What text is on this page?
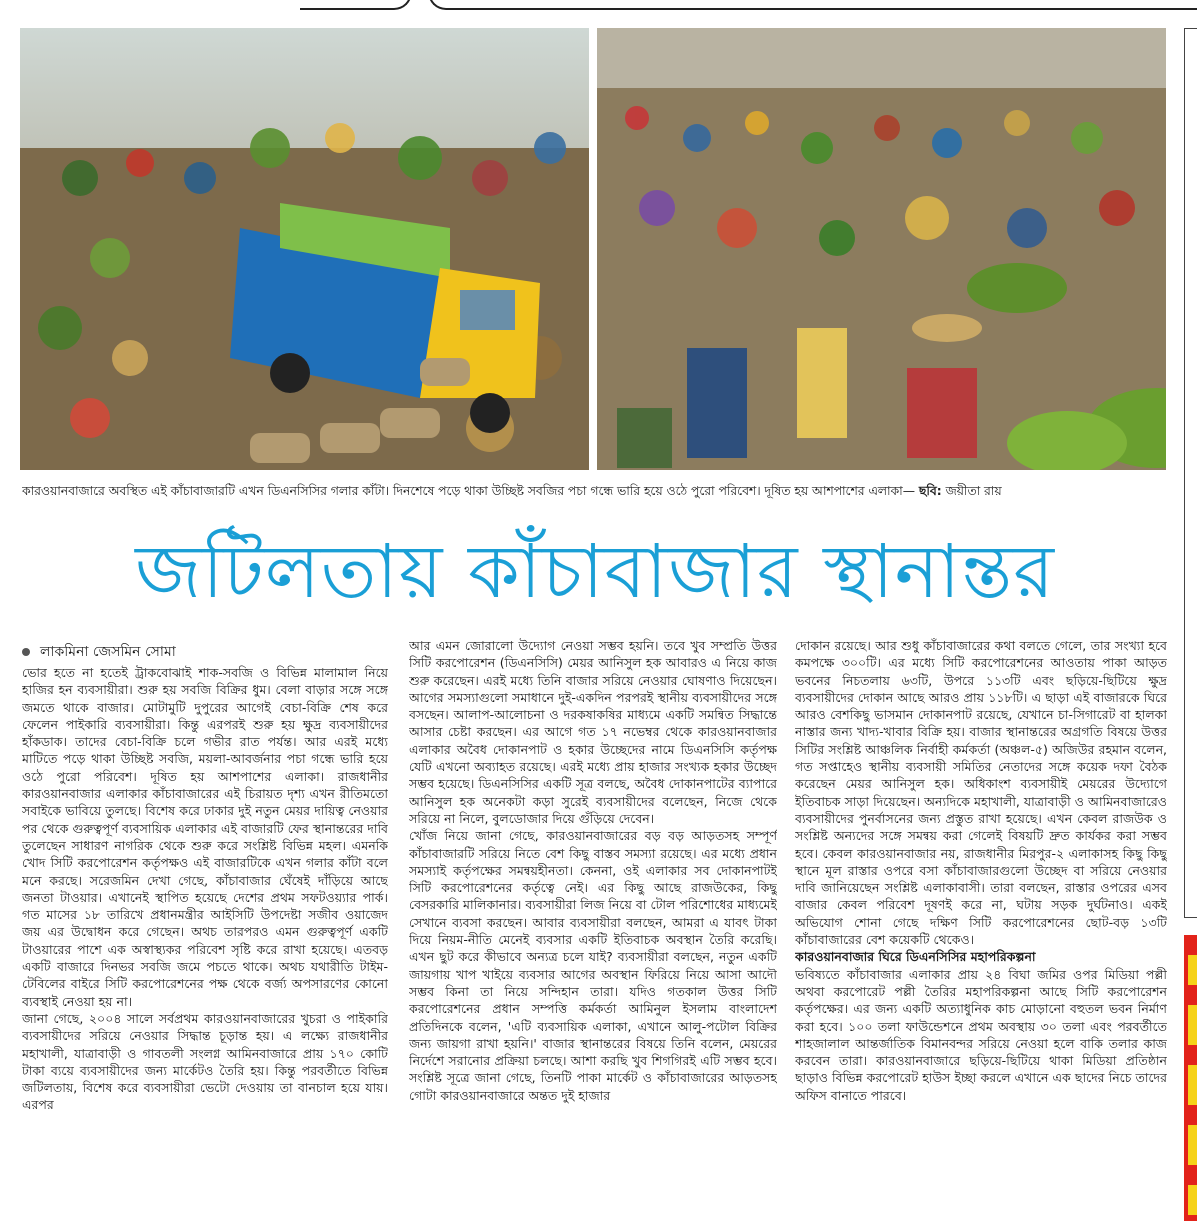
কারওয়ানবাজারে অবস্থিত এই কাঁচাবাজারটি এখন ডিএনসিসির গলার কাঁটা। দিনশেষে পড়ে থাকা উচ্ছিষ্ট সবজির পচা গন্ধে ভারি হয়ে ওঠে পুরো পরিবেশ। দূষিত হয় আশপাশের এলাকা— ছবি: জয়ীতা রায়
জটিলতায় কাঁচাবাজার স্থানান্তর
লাকমিনা জেসমিন সোমা

ভোর হতে না হতেই ট্রাকবোঝাই শাক-সবজি ও বিভিন্ন মালামাল নিয়ে হাজির হন ব্যবসায়ীরা। শুরু হয় সবজি বিক্রির ধুম। বেলা বাড়ার সঙ্গে সঙ্গে জমতে থাকে বাজার। মোটামুটি দুপুরের আগেই বেচা-বিক্রি শেষ করে ফেলেন পাইকারি ব্যবসায়ীরা। কিন্তু এরপরই শুরু হয় ক্ষুদ্র ব্যবসায়ীদের হাঁকডাক। তাদের বেচা-বিক্রি চলে গভীর রাত পর্যন্ত। আর এরই মধ্যে মাটিতে পড়ে থাকা উচ্ছিষ্ট সবজি, ময়লা-আবর্জনার পচা গন্ধে ভারি হয়ে ওঠে পুরো পরিবেশ। দূষিত হয় আশপাশের এলাকা। রাজধানীর কারওয়ানবাজার এলাকার কাঁচাবাজারের এই চিরায়ত দৃশ্য এখন রীতিমতো সবাইকে ভাবিয়ে তুলছে। বিশেষ করে ঢাকার দুই নতুন মেয়র দায়িত্ব নেওয়ার পর থেকে গুরুত্বপূর্ণ ব্যবসায়িক এলাকার এই বাজারটি ফের স্থানান্তরের দাবি তুলেছেন সাধারণ নাগরিক থেকে শুরু করে সংশ্লিষ্ট বিভিন্ন মহল। এমনকি খোদ সিটি করপোরেশন কর্তৃপক্ষও এই বাজারটিকে এখন গলার কাঁটা বলে মনে করছে। সরেজমিন দেখা গেছে, কাঁচাবাজার ঘেঁষেই দাঁড়িয়ে আছে জনতা টাওয়ার। এখানেই স্থাপিত হয়েছে দেশের প্রথম সফটওয়্যার পার্ক। গত মাসের ১৮ তারিখে প্রধানমন্ত্রীর আইসিটি উপদেষ্টা সজীব ওয়াজেদ জয় এর উদ্বোধন করে গেছেন। অথচ তারপরও এমন গুরুত্বপূর্ণ একটি টাওয়ারের পাশে এক অস্বাস্থ্যকর পরিবেশ সৃষ্টি করে রাখা হয়েছে। এতবড় একটি বাজারে দিনভর সবজি জমে পচতে থাকে। অথচ যথারীতি টাইম-টেবিলের বাইরে সিটি করপোরেশনের পক্ষ থেকে বর্জ্য অপসারণের কোনো ব্যবস্থাই নেওয়া হয় না।

জানা গেছে, ২০০৪ সালে সর্বপ্রথম কারওয়ানবাজারের খুচরা ও পাইকারি ব্যবসায়ীদের সরিয়ে নেওয়ার সিদ্ধান্ত চূড়ান্ত হয়। এ লক্ষ্যে রাজধানীর মহাখালী, যাত্রাবাড়ী ও গাবতলী সংলগ্ন আমিনবাজারে প্রায় ১৭০ কোটি টাকা ব্যয়ে ব্যবসায়ীদের জন্য মার্কেটও তৈরি হয়। কিন্তু পরবর্তীতে বিভিন্ন জটিলতায়, বিশেষ করে ব্যবসায়ীরা ভেটো দেওয়ায় তা বানচাল হয়ে যায়। এরপর

আর এমন জোরালো উদ্যোগ নেওয়া সম্ভব হয়নি। তবে খুব সম্প্রতি উত্তর সিটি করপোরেশন (ডিএনসিসি) মেয়র আনিসুল হক আবারও এ নিয়ে কাজ শুরু করেছেন। এরই মধ্যে তিনি বাজার সরিয়ে নেওয়ার ঘোষণাও দিয়েছেন। আগের সমস্যাগুলো সমাধানে দুই-একদিন পরপরই স্থানীয় ব্যবসায়ীদের সঙ্গে বসছেন। আলাপ-আলোচনা ও দরকষাকষির মাধ্যমে একটি সমন্বিত সিদ্ধান্তে আসার চেষ্টা করছেন। এর আগে গত ১৭ নভেম্বর থেকে কারওয়ানবাজার এলাকার অবৈধ দোকানপাট ও হকার উচ্ছেদের নামে ডিএনসিসি কর্তৃপক্ষ যেটি এখনো অব্যাহত রয়েছে। এরই মধ্যে প্রায় হাজার সংখ্যক হকার উচ্ছেদ সম্ভব হয়েছে। ডিএনসিসির একটি সূত্র বলছে, অবৈধ দোকানপাটের ব্যাপারে আনিসুল হক অনেকটা কড়া সুরেই ব্যবসায়ীদের বলেছেন, নিজে থেকে সরিয়ে না নিলে, বুলডোজার দিয়ে গুঁড়িয়ে দেবেন।

খোঁজ নিয়ে জানা গেছে, কারওয়ানবাজারের বড় বড় আড়তসহ সম্পূর্ণ কাঁচাবাজারটি সরিয়ে নিতে বেশ কিছু বাস্তব সমস্যা রয়েছে। এর মধ্যে প্রধান সমস্যাই কর্তৃপক্ষের সমন্বয়হীনতা। কেননা, ওই এলাকার সব দোকানপাটই সিটি করপোরেশনের কর্তৃত্বে নেই। এর কিছু আছে রাজউকের, কিছু বেসরকারি মালিকানার। ব্যবসায়ীরা লিজ নিয়ে বা টোল পরিশোধের মাধ্যমেই সেখানে ব্যবসা করছেন। আবার ব্যবসায়ীরা বলছেন, আমরা এ যাবৎ টাকা দিয়ে নিয়ম-নীতি মেনেই ব্যবসার একটি ইতিবাচক অবস্থান তৈরি করেছি। এখন ছুট করে কীভাবে অন্যত্র চলে যাই? ব্যবসায়ীরা বলছেন, নতুন একটি জায়গায় খাপ খাইয়ে ব্যবসার আগের অবস্থান ফিরিয়ে নিয়ে আসা আদৌ সম্ভব কিনা তা নিয়ে সন্দিহান তারা। যদিও গতকাল উত্তর সিটি করপোরেশনের প্রধান সম্পত্তি কর্মকর্তা আমিনুল ইসলাম বাংলাদেশ প্রতিদিনকে বলেন, 'এটি ব্যবসায়িক এলাকা, এখানে আলু-পটোল বিক্রির জন্য জায়গা রাখা হয়নি।' বাজার স্থানান্তরের বিষয়ে তিনি বলেন, মেয়রের নির্দেশে সরানোর প্রক্রিয়া চলছে। আশা করছি খুব শিগগিরই এটি সম্ভব হবে। সংশ্লিষ্ট সূত্রে জানা গেছে, তিনটি পাকা মার্কেট ও কাঁচাবাজারের আড়তসহ গোটা কারওয়ানবাজারে অন্তত দুই হাজার

দোকান রয়েছে। আর শুধু কাঁচাবাজারের কথা বলতে গেলে, তার সংখ্যা হবে কমপক্ষে ৩০০টি। এর মধ্যে সিটি করপোরেশনের আওতায় পাকা আড়ত ভবনের নিচতলায় ৬৩টি, উপরে ১১৩টি এবং ছড়িয়ে-ছিটিয়ে ক্ষুদ্র ব্যবসায়ীদের দোকান আছে আরও প্রায় ১১৮টি। এ ছাড়া এই বাজারকে ঘিরে আরও বেশকিছু ভাসমান দোকানপাট রয়েছে, যেখানে চা-সিগারেট বা হালকা নাস্তার জন্য খাদ্য-খাবার বিক্রি হয়। বাজার স্থানান্তরের অগ্রগতি বিষয়ে উত্তর সিটির সংশ্লিষ্ট আঞ্চলিক নির্বাহী কর্মকর্তা (অঞ্চল-৫) অজিউর রহমান বলেন, গত সপ্তাহেও স্থানীয় ব্যবসায়ী সমিতির নেতাদের সঙ্গে কয়েক দফা বৈঠক করেছেন মেয়র আনিসুল হক। অধিকাংশ ব্যবসায়ীই মেয়রের উদ্যোগে ইতিবাচক সাড়া দিয়েছেন। অন্যদিকে মহাখালী, যাত্রাবাড়ী ও আমিনবাজারেও ব্যবসায়ীদের পুনর্বাসনের জন্য প্রস্তুত রাখা হয়েছে। এখন কেবল রাজউক ও সংশ্লিষ্ট অন্যদের সঙ্গে সমন্বয় করা গেলেই বিষয়টি দ্রুত কার্যকর করা সম্ভব হবে। কেবল কারওয়ানবাজার নয়, রাজধানীর মিরপুর-২ এলাকাসহ কিছু কিছু স্থানে মূল রাস্তার ওপরে বসা কাঁচাবাজারগুলো উচ্ছেদ বা সরিয়ে নেওয়ার দাবি জানিয়েছেন সংশ্লিষ্ট এলাকাবাসী। তারা বলছেন, রাস্তার ওপরের এসব বাজার কেবল পরিবেশ দূষণই করে না, ঘটায় সড়ক দুর্ঘটনাও। একই অভিযোগ শোনা গেছে দক্ষিণ সিটি করপোরেশনের ছোট-বড় ১৩টি কাঁচাবাজারের বেশ কয়েকটি থেকেও।

কারওয়ানবাজার ঘিরে ডিএনসিসির মহাপরিকল্পনা

ভবিষ্যতে কাঁচাবাজার এলাকার প্রায় ২৪ বিঘা জমির ওপর মিডিয়া পল্লী অথবা করপোরেট পল্লী তৈরির মহাপরিকল্পনা আছে সিটি করপোরেশন কর্তৃপক্ষের। এর জন্য একটি অত্যাধুনিক কাচ মোড়ানো বহুতল ভবন নির্মাণ করা হবে। ১০০ তলা ফাউন্ডেশনে প্রথম অবস্থায় ৩০ তলা এবং পরবর্তীতে শাহজালাল আন্তর্জাতিক বিমানবন্দর সরিয়ে নেওয়া হলে বাকি তলার কাজ করবেন তারা। কারওয়ানবাজারে ছড়িয়ে-ছিটিয়ে থাকা মিডিয়া প্রতিষ্ঠান ছাড়াও বিভিন্ন করপোরেট হাউস ইচ্ছা করলে এখানে এক ছাদের নিচে তাদের অফিস বানাতে পারবে।
